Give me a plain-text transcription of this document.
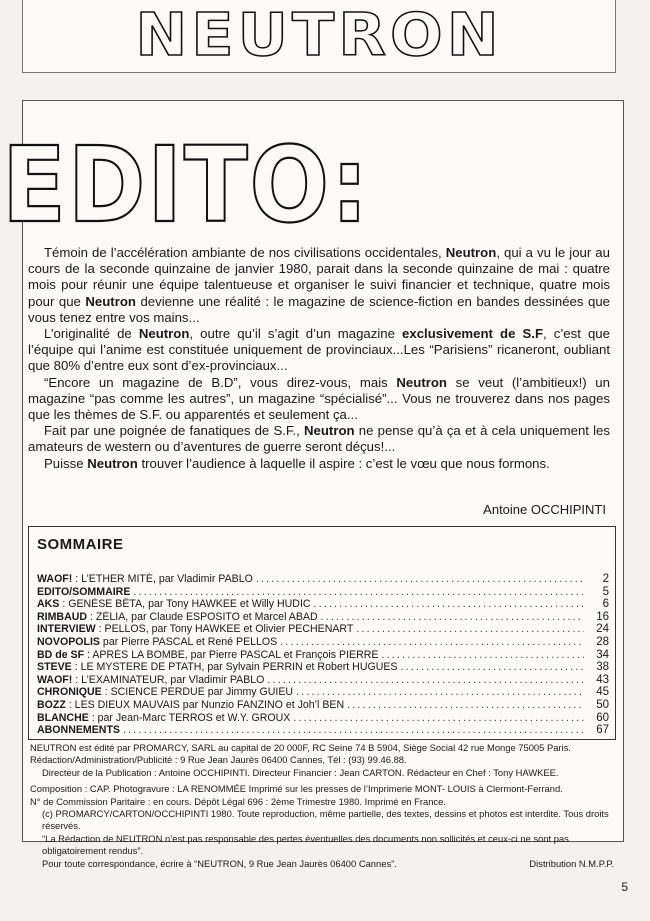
NEUTRON
EDITO:

Témoin de l’accélération ambiante de nos civilisations occidentales, Neutron, qui a vu le jour au cours de la seconde quinzaine de janvier 1980, parait dans la seconde quinzaine de mai : quatre mois pour réunir une équipe talentueuse et organiser le suivi financier et technique, quatre mois pour que Neutron devienne une réalité : le magazine de science-fiction en bandes dessinées que vous tenez entre vos mains...

L’originalité de Neutron, outre qu’il s’agit d’un magazine exclusivement de S.F, c’est que l’équipe qui l’anime est constituée uniquement de provinciaux...Les “Parisiens” ricaneront, oubliant que 80% d’entre eux sont d’ex-provinciaux...

“Encore un magazine de B.D”, vous direz-vous, mais Neutron se veut (l’ambitieux!) un magazine “pas comme les autres”, un magazine “spécialisé”... Vous ne trouverez dans nos pages que les thèmes de S.F. ou apparentés et seulement ça...

Fait par une poignée de fanatiques de S.F., Neutron ne pense qu’à ça et à cela uniquement les amateurs de western ou d’aventures de guerre seront déçus!...

Puisse Neutron trouver l’audience à laquelle il aspire : c’est le vœu que nous formons.

Antoine OCCHIPINTI
SOMMAIRE
WAOF! : L’ETHER MITÉ, par Vladimir PABLO .....	2
EDITO/SOMMAIRE .....	5
AKS : GENÈSE BÊTA, par Tony HAWKEE et Willy HUDIC .....	6
RIMBAUD : ZÉLIA, par Claude ESPOSITO et Marcel ABAD .....	16
INTERVIEW : PELLOS, par Tony HAWKEE et Olivier PECHENART .....	24
NOVOPOLIS par Pierre PASCAL et René PELLOS .....	28
BD de SF : APRÈS LA BOMBE, par Pierre PASCAL et François PIERRE .....	34
STEVE : LE MYSTERE DE PTATH, par Sylvain PERRIN et Robert HUGUES .....	38
WAOF! : L’EXAMINATEUR, par Vladimir PABLO .....	43
CHRONIQUE : SCIENCE PERDUE par Jimmy GUIEU .....	45
BOZZ : LES DIEUX MAUVAIS par Nunzio FANZINO et Joh’l BEN .....	50
BLANCHE : par Jean-Marc TERROS et W.Y. GROUX .....	60
ABONNEMENTS .....	67
NEUTRON est édité par PROMARCY, SARL au capital de 20 000F, RC Seine 74 B 5904, Siège Social 42 rue Monge 75005 Paris. Rédaction/Administration/Publicité : 9 Rue Jean Jaurès 06400 Cannes, Tél : (93) 99.46.88.
Directeur de la Publication : Antoine OCCHIPINTI. Directeur Financier : Jean CARTON. Rédacteur en Chef : Tony HAWKEE.
Composition : CAP. Photogravure : LA RENOMMÉE Imprimé sur les presses de l’Imprimerie MONT- LOUIS à Clermont-Ferrand.
N° de Commission Paritaire : en cours. Dépôt Légal 696 : 2ème Trimestre 1980. Imprimé en France.
(c) PROMARCY/CARTON/OCCHIPINTI 1980. Toute reproduction, même partielle, des textes, dessins et photos est interdite. Tous droits réservés.
“La Rédaction de NEUTRON n’est pas responsable des pertes éventuelles des documents non sollicités et ceux-ci ne sont pas obligatoirement rendus”.
Pour toute correspondance, écrire à “NEUTRON, 9 Rue Jean Jaurès 06400 Cannes”.	Distribution N.M.P.P.
5
